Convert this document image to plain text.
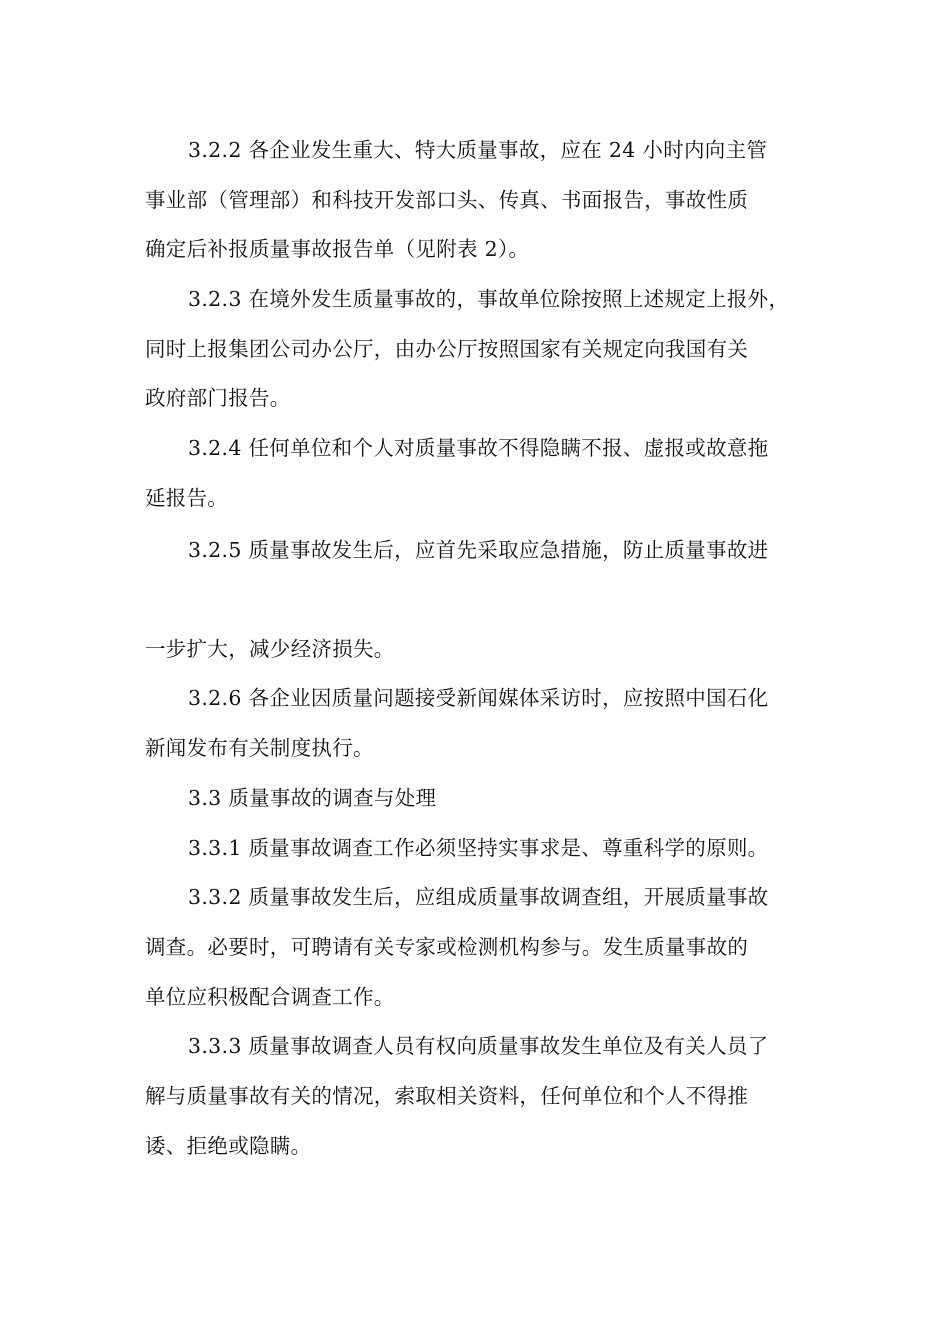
3.2.2 各企业发生重大、特大质量事故，应在 24 小时内向主管
事业部（管理部）和科技开发部口头、传真、书面报告，事故性质
确定后补报质量事故报告单（见附表 2）。
3.2.3 在境外发生质量事故的，事故单位除按照上述规定上报外，
同时上报集团公司办公厅，由办公厅按照国家有关规定向我国有关
政府部门报告。
3.2.4 任何单位和个人对质量事故不得隐瞒不报、虚报或故意拖
延报告。
3.2.5 质量事故发生后，应首先采取应急措施，防止质量事故进
一步扩大，减少经济损失。
3.2.6 各企业因质量问题接受新闻媒体采访时，应按照中国石化
新闻发布有关制度执行。
3.3 质量事故的调查与处理
3.3.1 质量事故调查工作必须坚持实事求是、尊重科学的原则。
3.3.2 质量事故发生后，应组成质量事故调查组，开展质量事故
调查。必要时，可聘请有关专家或检测机构参与。发生质量事故的
单位应积极配合调查工作。
3.3.3 质量事故调查人员有权向质量事故发生单位及有关人员了
解与质量事故有关的情况，索取相关资料，任何单位和个人不得推
诿、拒绝或隐瞒。
